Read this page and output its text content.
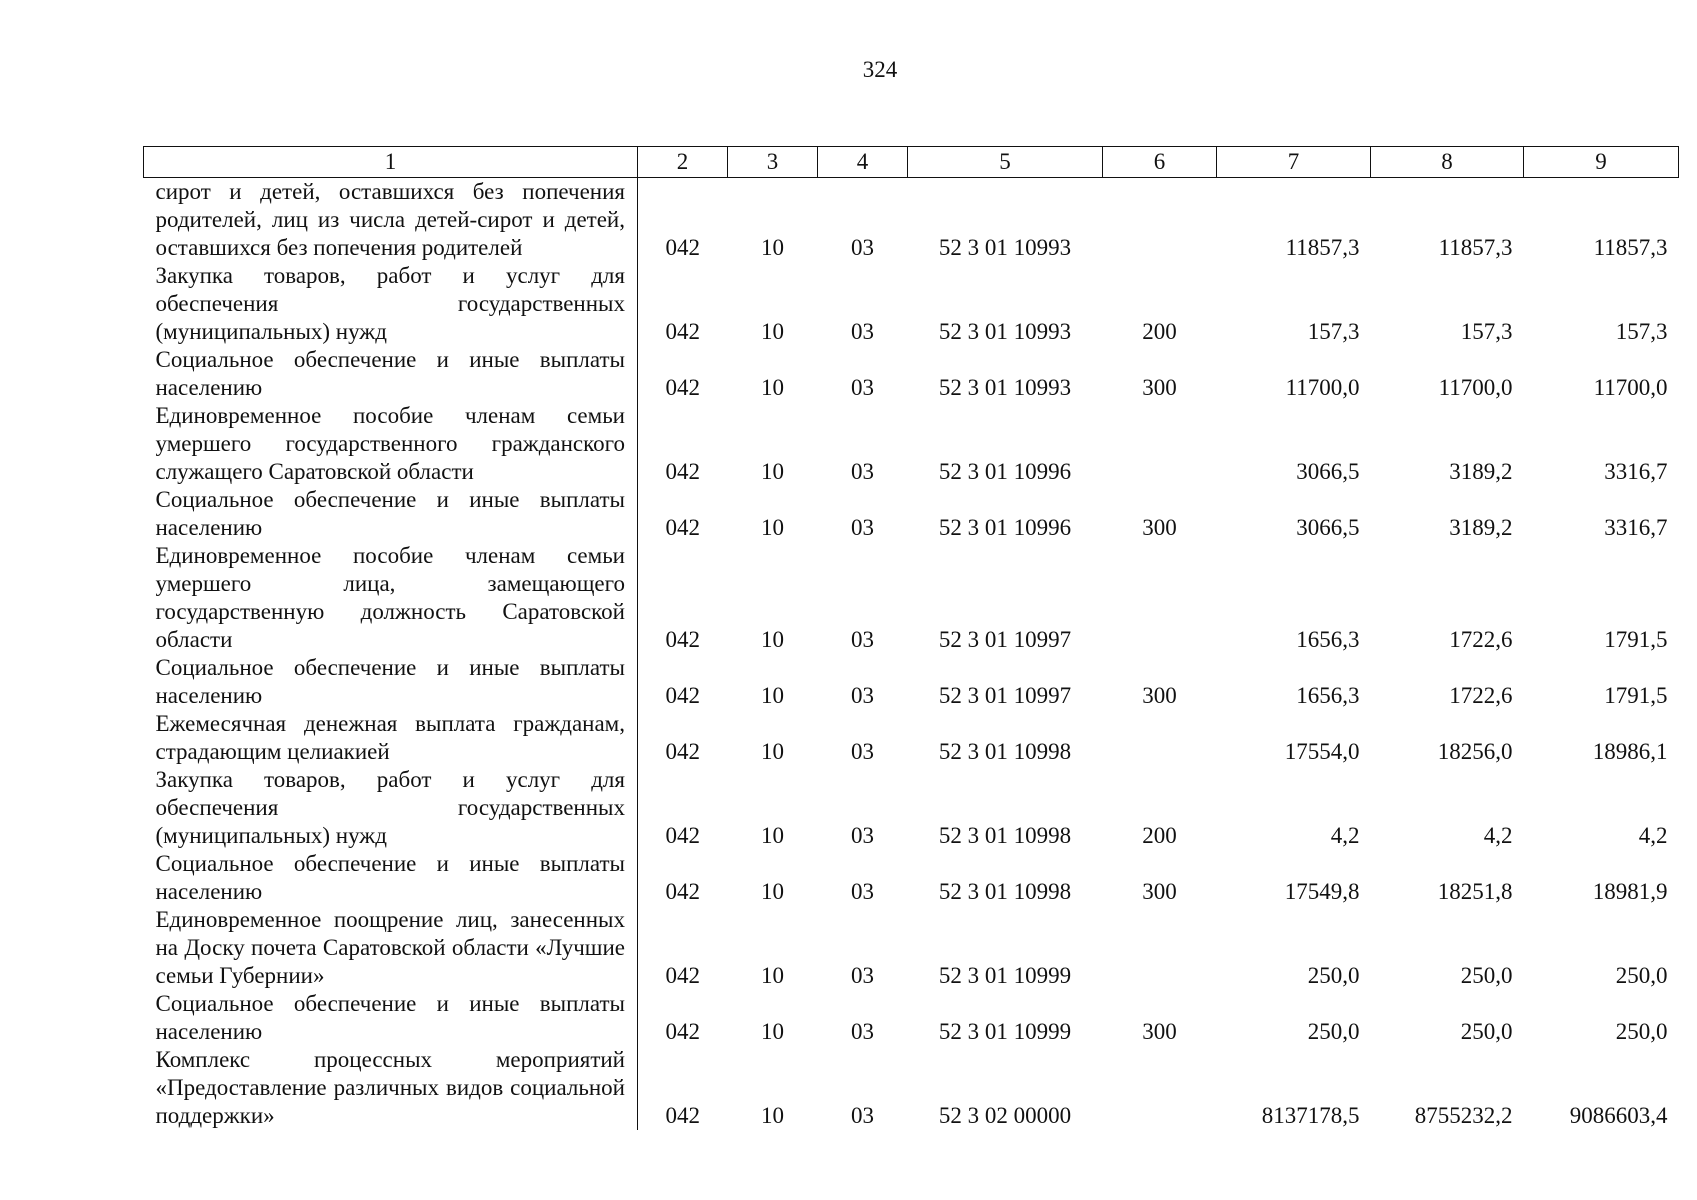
324
1	2	3	4	5	6	7	8	9
сирот и детей, оставшихся без попечения родителей, лиц из числа детей-сирот и детей, оставшихся без попечения родителей	042	10	03	52 3 01 10993		11857,3	11857,3	11857,3
Закупка товаров, работ и услуг для обеспечения государственных (муниципальных) нужд	042	10	03	52 3 01 10993	200	157,3	157,3	157,3
Социальное обеспечение и иные выплаты населению	042	10	03	52 3 01 10993	300	11700,0	11700,0	11700,0
Единовременное пособие членам семьи умершего государственного гражданского служащего Саратовской области	042	10	03	52 3 01 10996		3066,5	3189,2	3316,7
Социальное обеспечение и иные выплаты населению	042	10	03	52 3 01 10996	300	3066,5	3189,2	3316,7
Единовременное пособие членам семьи умершего лица, замещающего государственную должность Саратовской области	042	10	03	52 3 01 10997		1656,3	1722,6	1791,5
Социальное обеспечение и иные выплаты населению	042	10	03	52 3 01 10997	300	1656,3	1722,6	1791,5
Ежемесячная денежная выплата гражданам, страдающим целиакией	042	10	03	52 3 01 10998		17554,0	18256,0	18986,1
Закупка товаров, работ и услуг для обеспечения государственных (муниципальных) нужд	042	10	03	52 3 01 10998	200	4,2	4,2	4,2
Социальное обеспечение и иные выплаты населению	042	10	03	52 3 01 10998	300	17549,8	18251,8	18981,9
Единовременное поощрение лиц, занесенных на Доску почета Саратовской области «Лучшие семьи Губернии»	042	10	03	52 3 01 10999		250,0	250,0	250,0
Социальное обеспечение и иные выплаты населению	042	10	03	52 3 01 10999	300	250,0	250,0	250,0
Комплекс процессных мероприятий «Предоставление различных видов социальной поддержки»	042	10	03	52 3 02 00000		8137178,5	8755232,2	9086603,4
